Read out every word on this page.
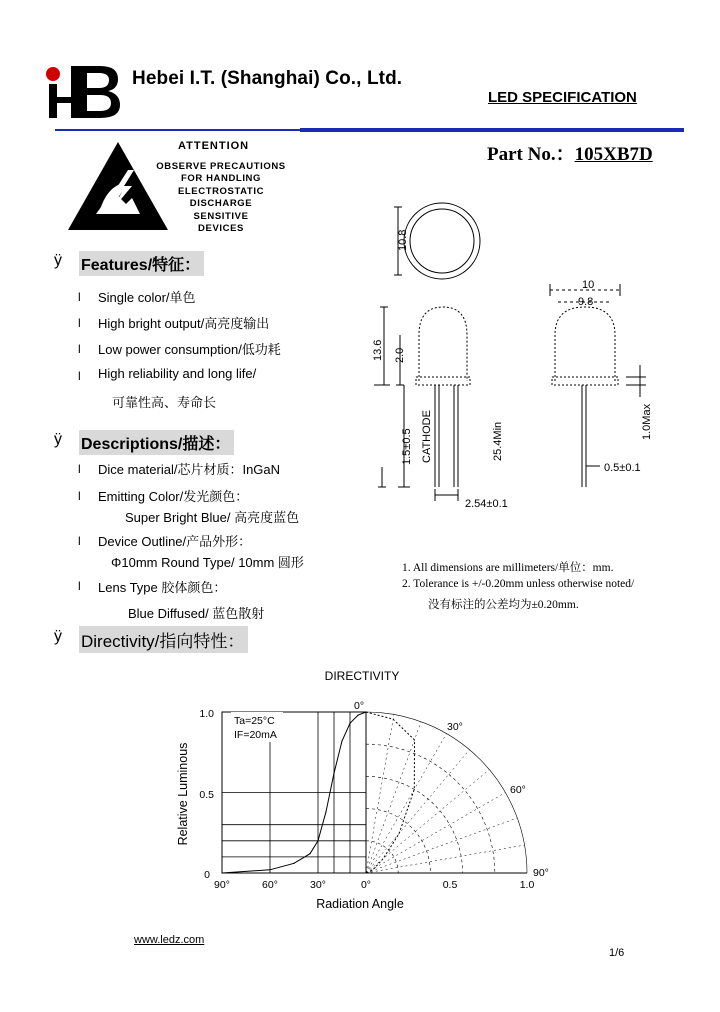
Hebei I.T. (Shanghai) Co., Ltd.
LED SPECIFICATION
ATTENTION
OBSERVE PRECAUTIONS
FOR HANDLING
ELECTROSTATIC
DISCHARGE
SENSITIVE
DEVICES
Part No.：105XB7D
ÿ Features/特征：
l Single color/单色
l High bright output/高亮度输出
l Low power consumption/低功耗
l High reliability and long life/
可靠性高、寿命长
ÿ Descriptions/描述：
l Dice material/芯片材质：InGaN
l Emitting Color/发光颜色：
Super Bright Blue/ 高亮度蓝色
l Device Outline/产品外形：
Φ10mm Round Type/ 10mm 圆形
l Lens Type 胶体颜色：
Blue Diffused/ 蓝色散射
ÿ Directivity/指向特性：
10.8
13.6 2.0
1.5±0.5 CATHODE	25.4Min
10
9.8
1.0Max
0.5±0.1
2.54±0.1
1. All dimensions are millimeters/单位：mm.
2. Tolerance is +/-0.20mm unless otherwise noted/
没有标注的公差均为±0.20mm.
DIRECTIVITY
Ta=25°C
IF=20mA
0°
30°
60°
90°
1.0
0.5
0
90°	60°	30°	0°	0.5	1.0
Radiation Angle
Relative Luminous
www.ledz.com
1/6
